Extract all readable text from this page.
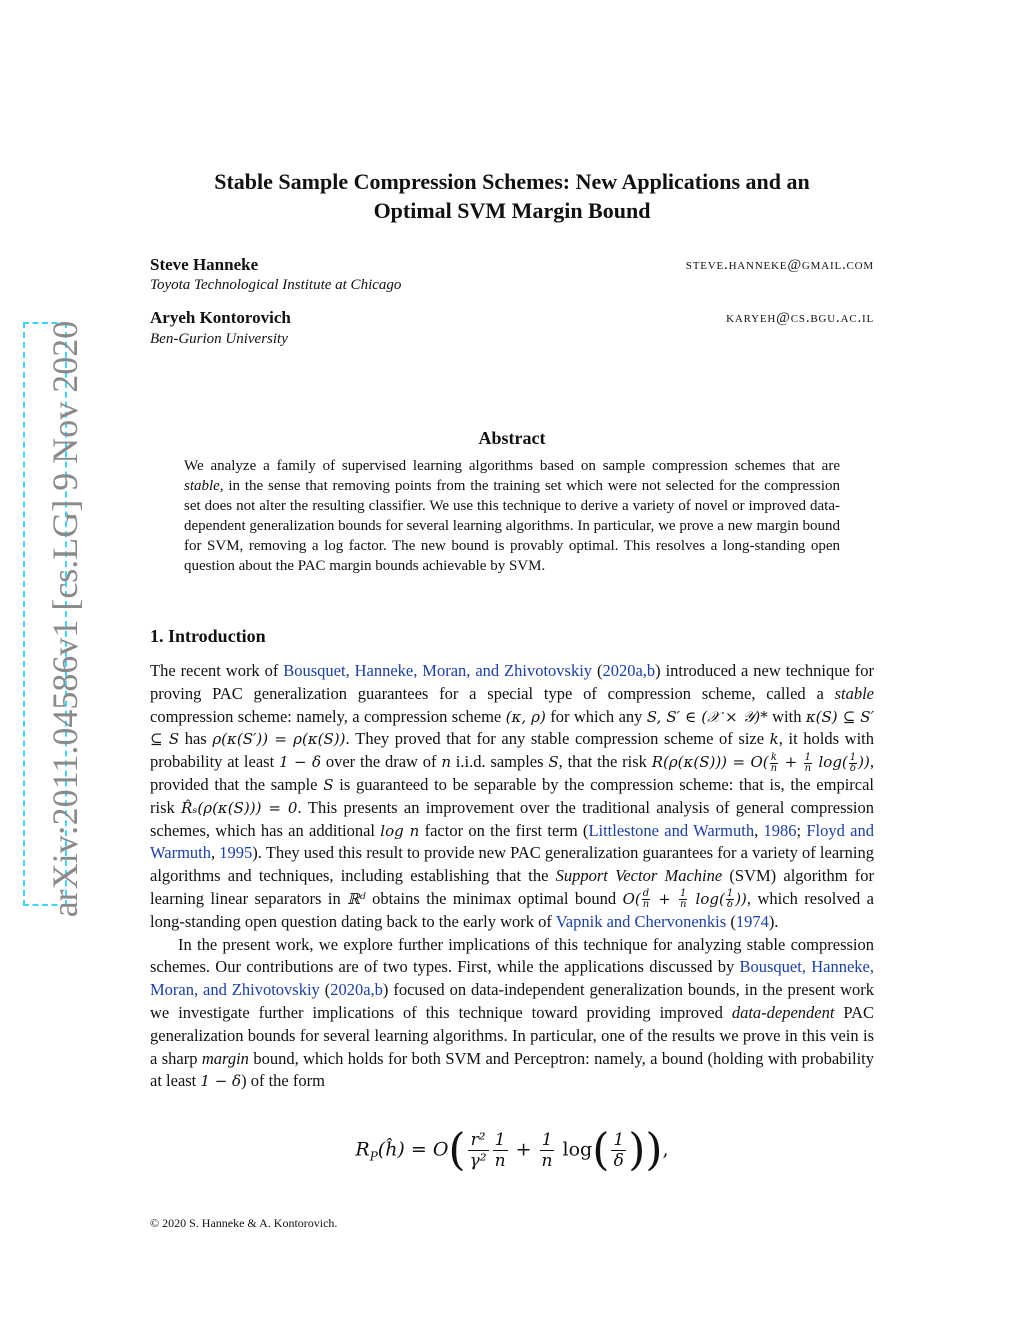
arXiv:2011.04586v1 [cs.LG] 9 Nov 2020
Stable Sample Compression Schemes: New Applications and an
Optimal SVM Margin Bound
Steve Hanneke
Toyota Technological Institute at Chicago
steve.hanneke@gmail.com
Aryeh Kontorovich
Ben-Gurion University
karyeh@cs.bgu.ac.il
Abstract
We analyze a family of supervised learning algorithms based on sample compression schemes that are stable, in the sense that removing points from the training set which were not selected for the compression set does not alter the resulting classifier. We use this technique to derive a variety of novel or improved data-dependent generalization bounds for several learning algorithms. In particular, we prove a new margin bound for SVM, removing a log factor. The new bound is provably optimal. This resolves a long-standing open question about the PAC margin bounds achievable by SVM.
1. Introduction

The recent work of Bousquet, Hanneke, Moran, and Zhivotovskiy (2020a,b) introduced a new technique for proving PAC generalization guarantees for a special type of compression scheme, called a stable compression scheme: namely, a compression scheme (κ, ρ) for which any S, S′ ∈ (𝒳 × 𝒴)* with κ(S) ⊆ S′ ⊆ S has ρ(κ(S′)) = ρ(κ(S)). They proved that for any stable compression scheme of size k, it holds with probability at least 1 − δ over the draw of n i.i.d. samples S, that the risk $R(\rho(\kappa(S))) = O( \frac{k}{n} + \frac{1}{n} \log( \frac{1}{\delta}$ )), provided that the sample S is guaranteed to be separable by the compression scheme: that is, the empircal risk R̂ₛ(ρ(κ(S))) = 0. This presents an improvement over the traditional analysis of general compression schemes, which has an additional log n factor on the first term (Littlestone and Warmuth, 1986; Floyd and Warmuth, 1995). They used this result to provide new PAC generalization guarantees for a variety of learning algorithms and techniques, including establishing that the Support Vector Machine (SVM) algorithm for learning linear separators in ℝᵈ obtains the minimax optimal bound $O( \frac{d}{n} + \frac{1}{n} \log( \frac{1}{\delta}$ )), which resolved a long-standing open question dating back to the early work of Vapnik and Chervonenkis (1974).

In the present work, we explore further implications of this technique for analyzing stable compression schemes. Our contributions are of two types. First, while the applications discussed by Bousquet, Hanneke, Moran, and Zhivotovskiy (2020a,b) focused on data-independent generalization bounds, in the present work we investigate further implications of this technique toward providing improved data-dependent PAC generalization bounds for several learning algorithms. In particular, one of the results we prove in this vein is a sharp margin bound, which holds for both SVM and Perceptron: namely, a bound (holding with probability at least 1 − δ) of the form

$R_P(ĥ) = O( \frac{\text{r²}}{\text{γ²}} \frac{1}{n} + \frac{1}{n} \log( \frac{1}{\delta}$ )),
© 2020 S. Hanneke & A. Kontorovich.
